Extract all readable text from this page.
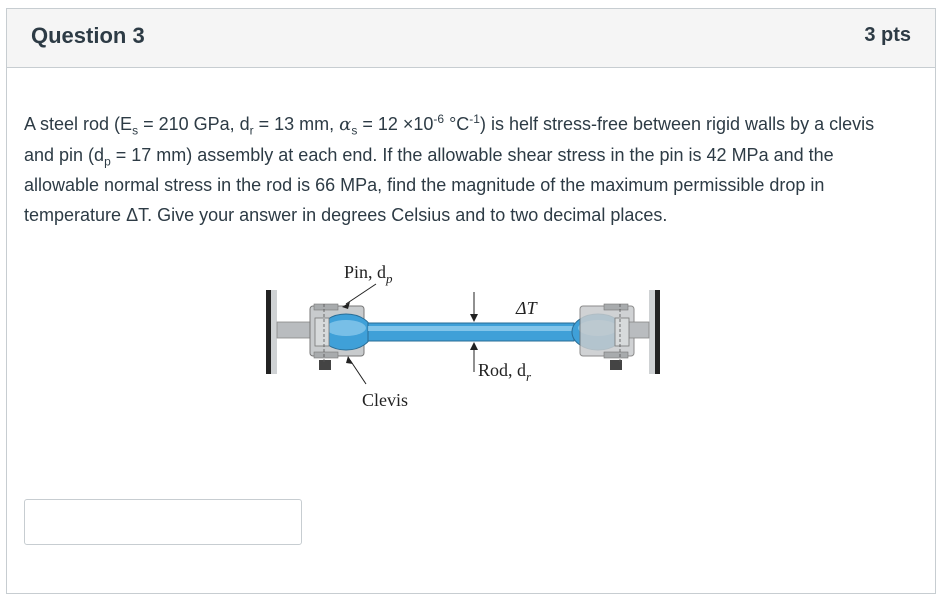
Question 3	3 pts
A steel rod ($E_s = 210$ GPa, $d_r = 13$ mm, $\alpha_s = 12 \times 10^{-6}$ $^\circ C^{-1}$) is helf stress-free between rigid walls by a clevis and pin ($d_p = 17$ mm) assembly at each end. If the allowable shear stress in the pin is 42 MPa and the allowable normal stress in the rod is 66 MPa, find the magnitude of the maximum permissible drop in temperature ΔT. Give your answer in degrees Celsius and to two decimal places.
Pin, $d_p$
ΔT
Rod, $d_r$
Clevis
